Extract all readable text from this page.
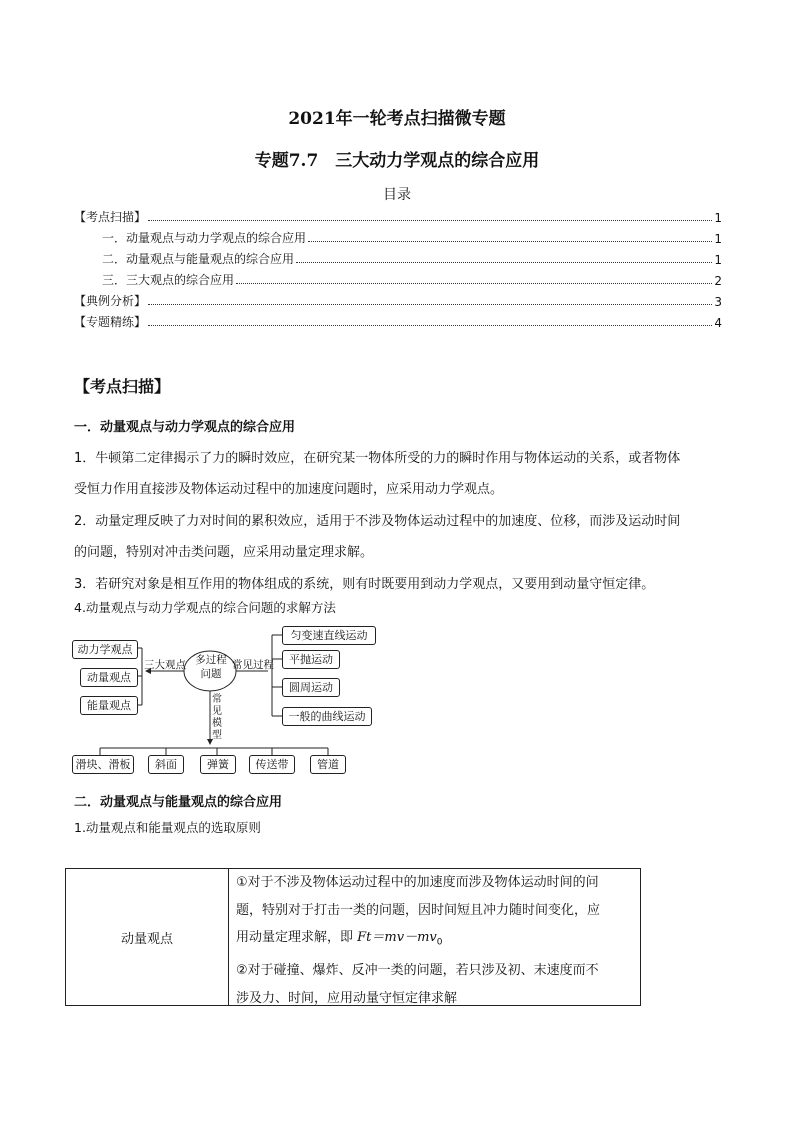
2021年一轮考点扫描微专题
专题7.7　三大动力学观点的综合应用
目录
【考点扫描】	1
一．动量观点与动力学观点的综合应用	1
二．动量观点与能量观点的综合应用	1
三．三大观点的综合应用	2
【典例分析】	3
【专题精练】	4
【考点扫描】
一．动量观点与动力学观点的综合应用
1．牛顿第二定律揭示了力的瞬时效应，在研究某一物体所受的力的瞬时作用与物体运动的关系，或者物体
受恒力作用直接涉及物体运动过程中的加速度问题时，应采用动力学观点。
2．动量定理反映了力对时间的累积效应，适用于不涉及物体运动过程中的加速度、位移，而涉及运动时间
的问题，特别对冲击类问题，应采用动量定理求解。
3．若研究对象是相互作用的物体组成的系统，则有时既要用到动力学观点，又要用到动量守恒定律。
4.动量观点与动力学观点的综合问题的求解方法
多过程
问题
三大观点	常见过程
常
见
模
型
动力学观点
动量观点
能量观点
匀变速直线运动
平抛运动
圆周运动
一般的曲线运动
滑块、滑板	斜面	弹簧	传送带	管道
二．动量观点与能量观点的综合应用
1.动量观点和能量观点的选取原则
动量观点
①对于不涉及物体运动过程中的加速度而涉及物体运动时间的问
题，特别对于打击一类的问题，因时间短且冲力随时间变化，应
用动量定理求解，即 $Ft=mv-mv_0$
②对于碰撞、爆炸、反冲一类的问题，若只涉及初、末速度而不
涉及力、时间，应用动量守恒定律求解
